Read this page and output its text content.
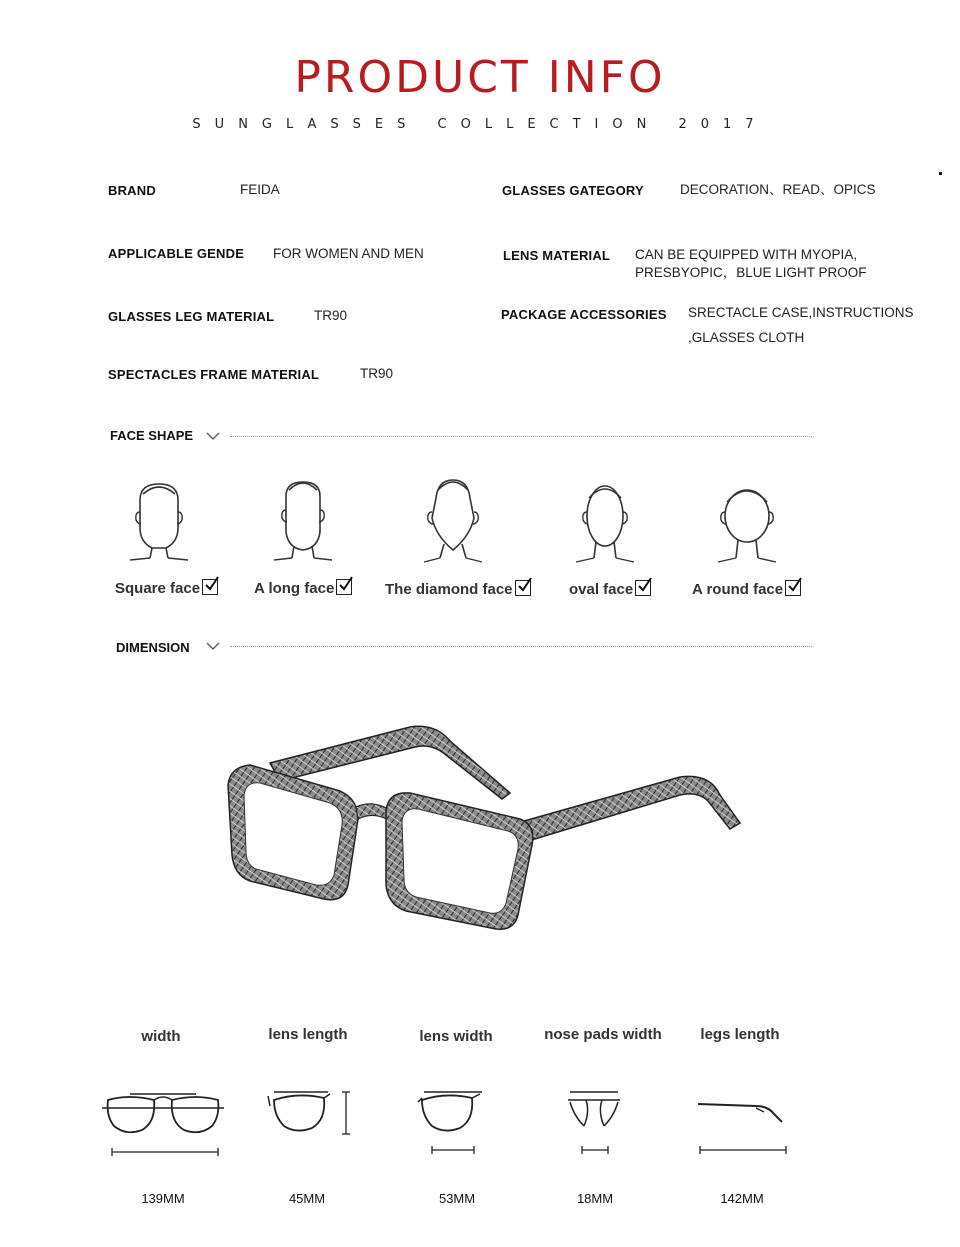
PRODUCT INFO
SUNGLASSES COLLECTION 2017
BRAND	FEIDA
APPLICABLE GENDE FOR WOMEN AND MEN
GLASSES LEG MATERIAL	TR90
SPECTACLES FRAME MATERIAL	TR90
GLASSES GATEGORY	DECORATION、READ、OPICS
LENS MATERIAL CAN BE EQUIPPED WITH MYOPIA,
PRESBYOPIC，BLUE LIGHT PROOF
PACKAGE ACCESSORIES SRECTACLE CASE,INSTRUCTIONS
,GLASSES CLOTH
FACE SHAPE
Square face	A long face	The diamond face	oval face	A round face
DIMENSION
width	lens length	lens width	nose pads width	legs length
139MM	45MM	53MM	18MM	142MM
